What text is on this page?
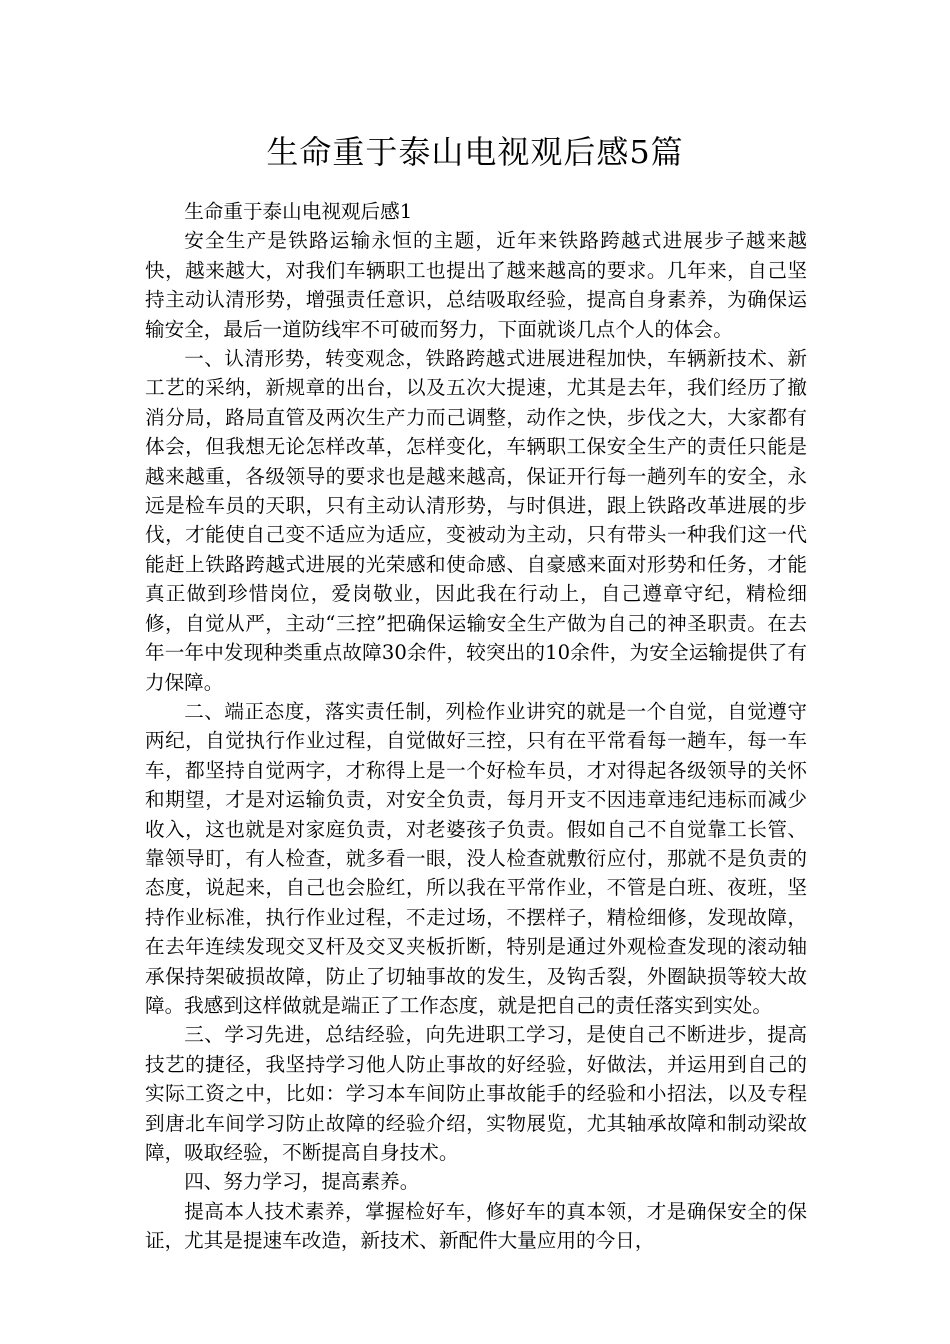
生命重于泰山电视观后感5篇

生命重于泰山电视观后感1

安全生产是铁路运输永恒的主题，近年来铁路跨越式进展步子越来越快，越来越大，对我们车辆职工也提出了越来越高的要求。几年来，自己坚持主动认清形势，增强责任意识，总结吸取经验，提高自身素养，为确保运输安全，最后一道防线牢不可破而努力，下面就谈几点个人的体会。

一、认清形势，转变观念，铁路跨越式进展进程加快，车辆新技术、新工艺的采纳，新规章的出台，以及五次大提速，尤其是去年，我们经历了撤消分局，路局直管及两次生产力而己调整，动作之快，步伐之大，大家都有体会，但我想无论怎样改革，怎样变化，车辆职工保安全生产的责任只能是越来越重，各级领导的要求也是越来越高，保证开行每一趟列车的安全，永远是检车员的天职，只有主动认清形势，与时俱进，跟上铁路改革进展的步伐，才能使自己变不适应为适应，变被动为主动，只有带头一种我们这一代能赶上铁路跨越式进展的光荣感和使命感、自豪感来面对形势和任务，才能真正做到珍惜岗位，爱岗敬业，因此我在行动上，自己遵章守纪，精检细修，自觉从严，主动“三控”把确保运输安全生产做为自己的神圣职责。在去年一年中发现种类重点故障30余件，较突出的10余件，为安全运输提供了有力保障。

二、端正态度，落实责任制，列检作业讲究的就是一个自觉，自觉遵守两纪，自觉执行作业过程，自觉做好三控，只有在平常看每一趟车，每一车车，都坚持自觉两字，才称得上是一个好检车员，才对得起各级领导的关怀和期望，才是对运输负责，对安全负责，每月开支不因违章违纪违标而减少收入，这也就是对家庭负责，对老婆孩子负责。假如自己不自觉靠工长管、靠领导盯，有人检查，就多看一眼，没人检查就敷衍应付，那就不是负责的态度，说起来，自己也会脸红，所以我在平常作业，不管是白班、夜班，坚持作业标准，执行作业过程，不走过场，不摆样子，精检细修，发现故障，在去年连续发现交叉杆及交叉夹板折断，特别是通过外观检查发现的滚动轴承保持架破损故障，防止了切轴事故的发生，及钩舌裂，外圈缺损等较大故障。我感到这样做就是端正了工作态度，就是把自己的责任落实到实处。

三、学习先进，总结经验，向先进职工学习，是使自己不断进步，提高技艺的捷径，我坚持学习他人防止事故的好经验，好做法，并运用到自己的实际工资之中，比如：学习本车间防止事故能手的经验和小招法，以及专程到唐北车间学习防止故障的经验介绍，实物展览，尤其轴承故障和制动梁故障，吸取经验，不断提高自身技术。

四、努力学习，提高素养。

提高本人技术素养，掌握检好车，修好车的真本领，才是确保安全的保证，尤其是提速车改造，新技术、新配件大量应用的今日，
